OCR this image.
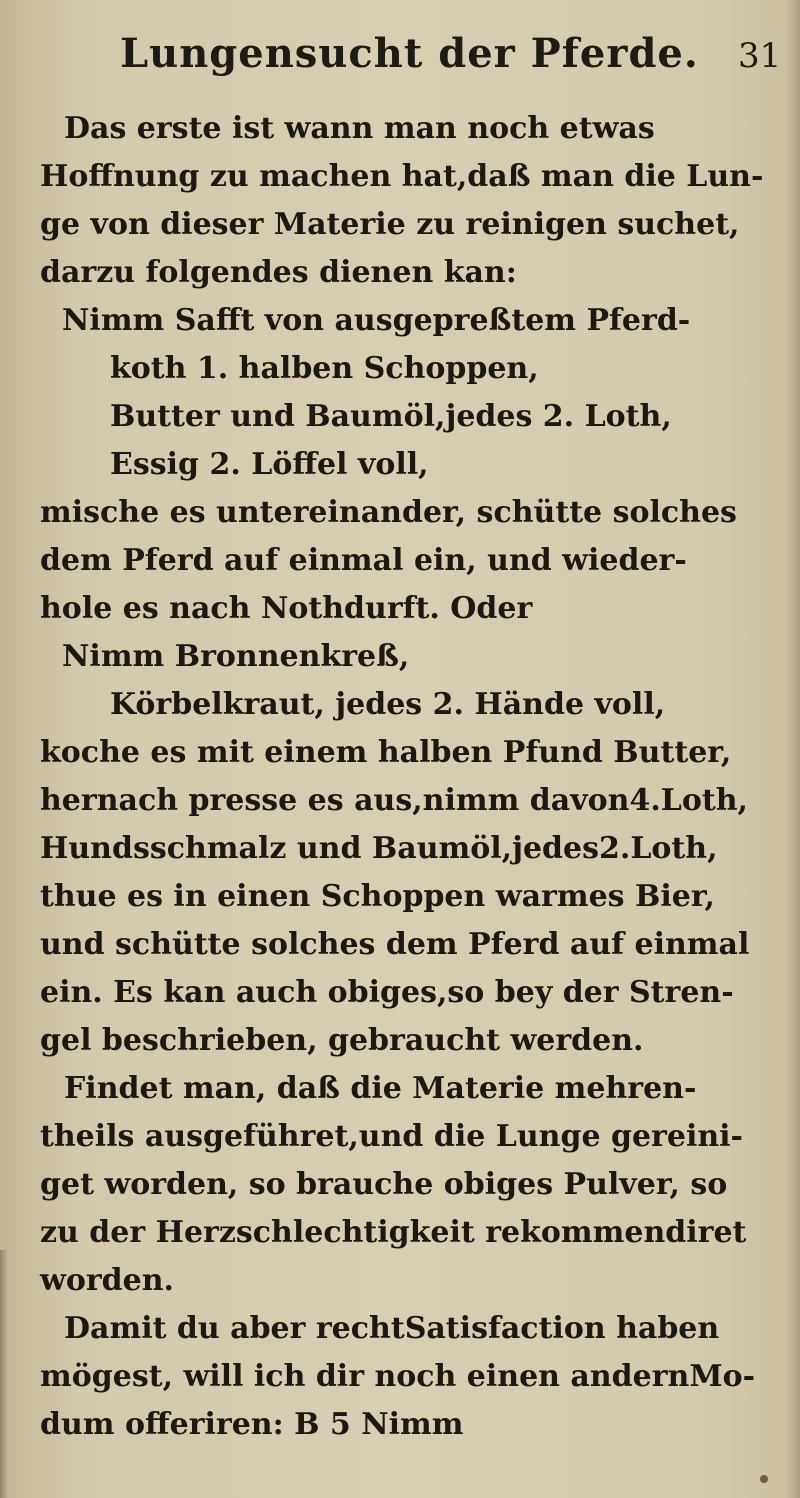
Lungensucht der Pferde. 31
Das erste ist wann man noch etwas
Hoffnung zu machen hat,daß man die Lun-
ge von dieser Materie zu reinigen suchet,
darzu folgendes dienen kan:
Nimm Safft von ausgepreßtem Pferd-
koth 1. halben Schoppen,
Butter und Baumöl,jedes 2. Loth,
Essig 2. Löffel voll,
mische es untereinander, schütte solches
dem Pferd auf einmal ein, und wieder-
hole es nach Nothdurft. Oder
Nimm Bronnenkreß,
Körbelkraut, jedes 2. Hände voll,
koche es mit einem halben Pfund Butter,
hernach presse es aus,nimm davon4.Loth,
Hundsschmalz und Baumöl,jedes2.Loth,
thue es in einen Schoppen warmes Bier,
und schütte solches dem Pferd auf einmal
ein. Es kan auch obiges,so bey der Stren-
gel beschrieben, gebraucht werden.
Findet man, daß die Materie mehren-
theils ausgeführet,und die Lunge gereini-
get worden, so brauche obiges Pulver, so
zu der Herzschlechtigkeit rekommendiret
worden.
Damit du aber rechtSatisfaction haben
mögest, will ich dir noch einen andernMo-
dum offeriren: B 5 Nimm
